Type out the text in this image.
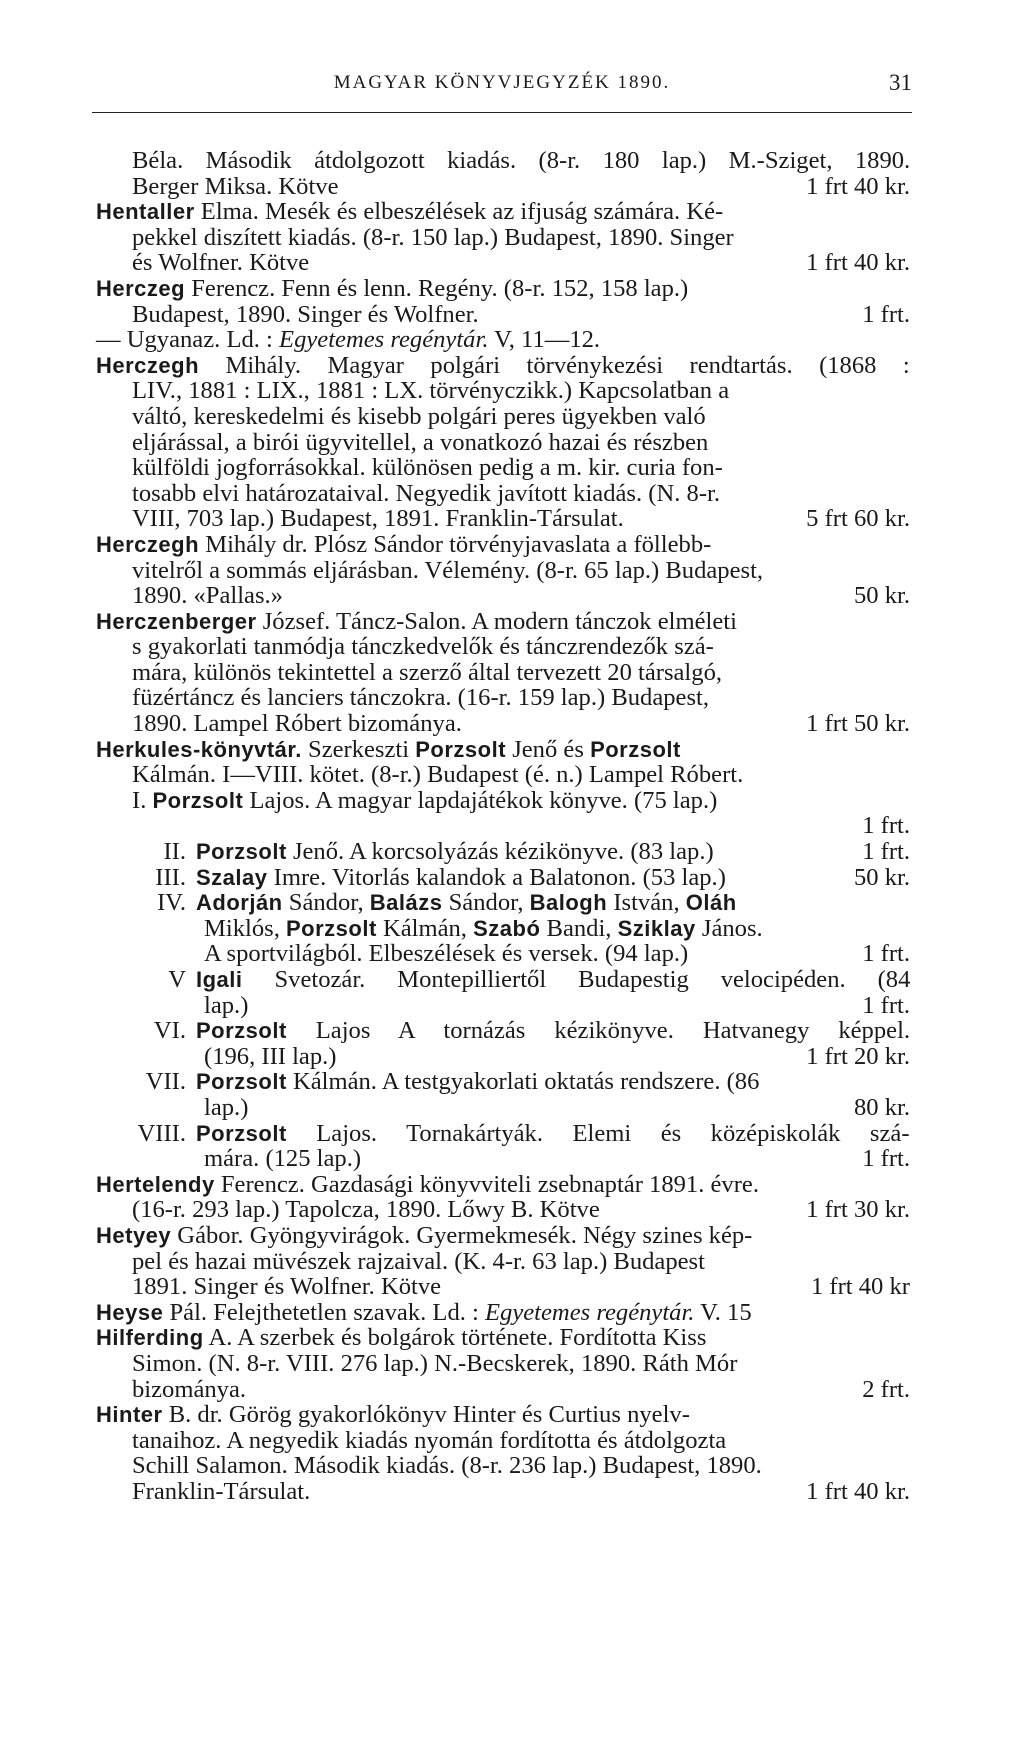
MAGYAR KÖNYVJEGYZÉK 1890.	31
Béla. Második átdolgozott kiadás. (8-r. 180 lap.) M.-Sziget, 1890.
Berger Miksa. Kötve	1 frt 40 kr.
Hentaller Elma. Mesék és elbeszélések az ifjuság számára. Ké-
pekkel diszített kiadás. (8-r. 150 lap.) Budapest, 1890. Singer
és Wolfner. Kötve	1 frt 40 kr.
Herczeg Ferencz. Fenn és lenn. Regény. (8-r. 152, 158 lap.)
Budapest, 1890. Singer és Wolfner.	1 frt.
— Ugyanaz. Ld. : Egyetemes regénytár. V, 11—12.
Herczegh Mihály. Magyar polgári törvénykezési rendtartás. (1868 :
LIV., 1881 : LIX., 1881 : LX. törvényczikk.) Kapcsolatban a
váltó, kereskedelmi és kisebb polgári peres ügyekben való
eljárással, a birói ügyvitellel, a vonatkozó hazai és részben
külföldi jogforrásokkal. különösen pedig a m. kir. curia fon-
tosabb elvi határozataival. Negyedik javított kiadás. (N. 8-r.
VIII, 703 lap.) Budapest, 1891. Franklin-Társulat.	5 frt 60 kr.
Herczegh Mihály dr. Plósz Sándor törvényjavaslata a föllebb-
vitelről a sommás eljárásban. Vélemény. (8-r. 65 lap.) Budapest,
1890. «Pallas.»	50 kr.
Herczenberger József. Táncz-Salon. A modern tánczok elméleti
s gyakorlati tanmódja tánczkedvelők és tánczrendezők szá-
mára, különös tekintettel a szerző által tervezett 20 társalgó,
füzértáncz és lanciers tánczokra. (16-r. 159 lap.) Budapest,
1890. Lampel Róbert bizománya.	1 frt 50 kr.
Herkules-könyvtár. Szerkeszti Porzsolt Jenő és Porzsolt
Kálmán. I—VIII. kötet. (8-r.) Budapest (é. n.) Lampel Róbert.
I. Porzsolt Lajos. A magyar lapdajátékok könyve. (75 lap.)
1 frt.
II. Porzsolt Jenő. A korcsolyázás kézikönyve. (83 lap.)	1 frt.
III. Szalay Imre. Vitorlás kalandok a Balatonon. (53 lap.)	50 kr.
IV. Adorján Sándor, Balázs Sándor, Balogh István, Oláh
Miklós, Porzsolt Kálmán, Szabó Bandi, Sziklay János.
A sportvilágból. Elbeszélések és versek. (94 lap.)	1 frt.
V Igali Svetozár. Montepilliertől Budapestig velocipéden. (84
lap.)	1 frt.
VI. Porzsolt Lajos A tornázás kézikönyve. Hatvanegy képpel.
(196, III lap.)	1 frt 20 kr.
VII. Porzsolt Kálmán. A testgyakorlati oktatás rendszere. (86
lap.)	80 kr.
VIII. Porzsolt Lajos. Tornakártyák. Elemi és középiskolák szá-
mára. (125 lap.)	1 frt.
Hertelendy Ferencz. Gazdasági könyvviteli zsebnaptár 1891. évre.
(16-r. 293 lap.) Tapolcza, 1890. Lőwy B. Kötve	1 frt 30 kr.
Hetyey Gábor. Gyöngyvirágok. Gyermekmesék. Négy szines kép-
pel és hazai müvészek rajzaival. (K. 4-r. 63 lap.) Budapest
1891. Singer és Wolfner. Kötve	1 frt 40 kr
Heyse Pál. Felejthetetlen szavak. Ld. : Egyetemes regénytár. V. 15
Hilferding A. A szerbek és bolgárok története. Fordította Kiss
Simon. (N. 8-r. VIII. 276 lap.) N.-Becskerek, 1890. Ráth Mór
bizománya.	2 frt.
Hinter B. dr. Görög gyakorlókönyv Hinter és Curtius nyelv-
tanaihoz. A negyedik kiadás nyomán fordította és átdolgozta
Schill Salamon. Második kiadás. (8-r. 236 lap.) Budapest, 1890.
Franklin-Társulat.	1 frt 40 kr.
